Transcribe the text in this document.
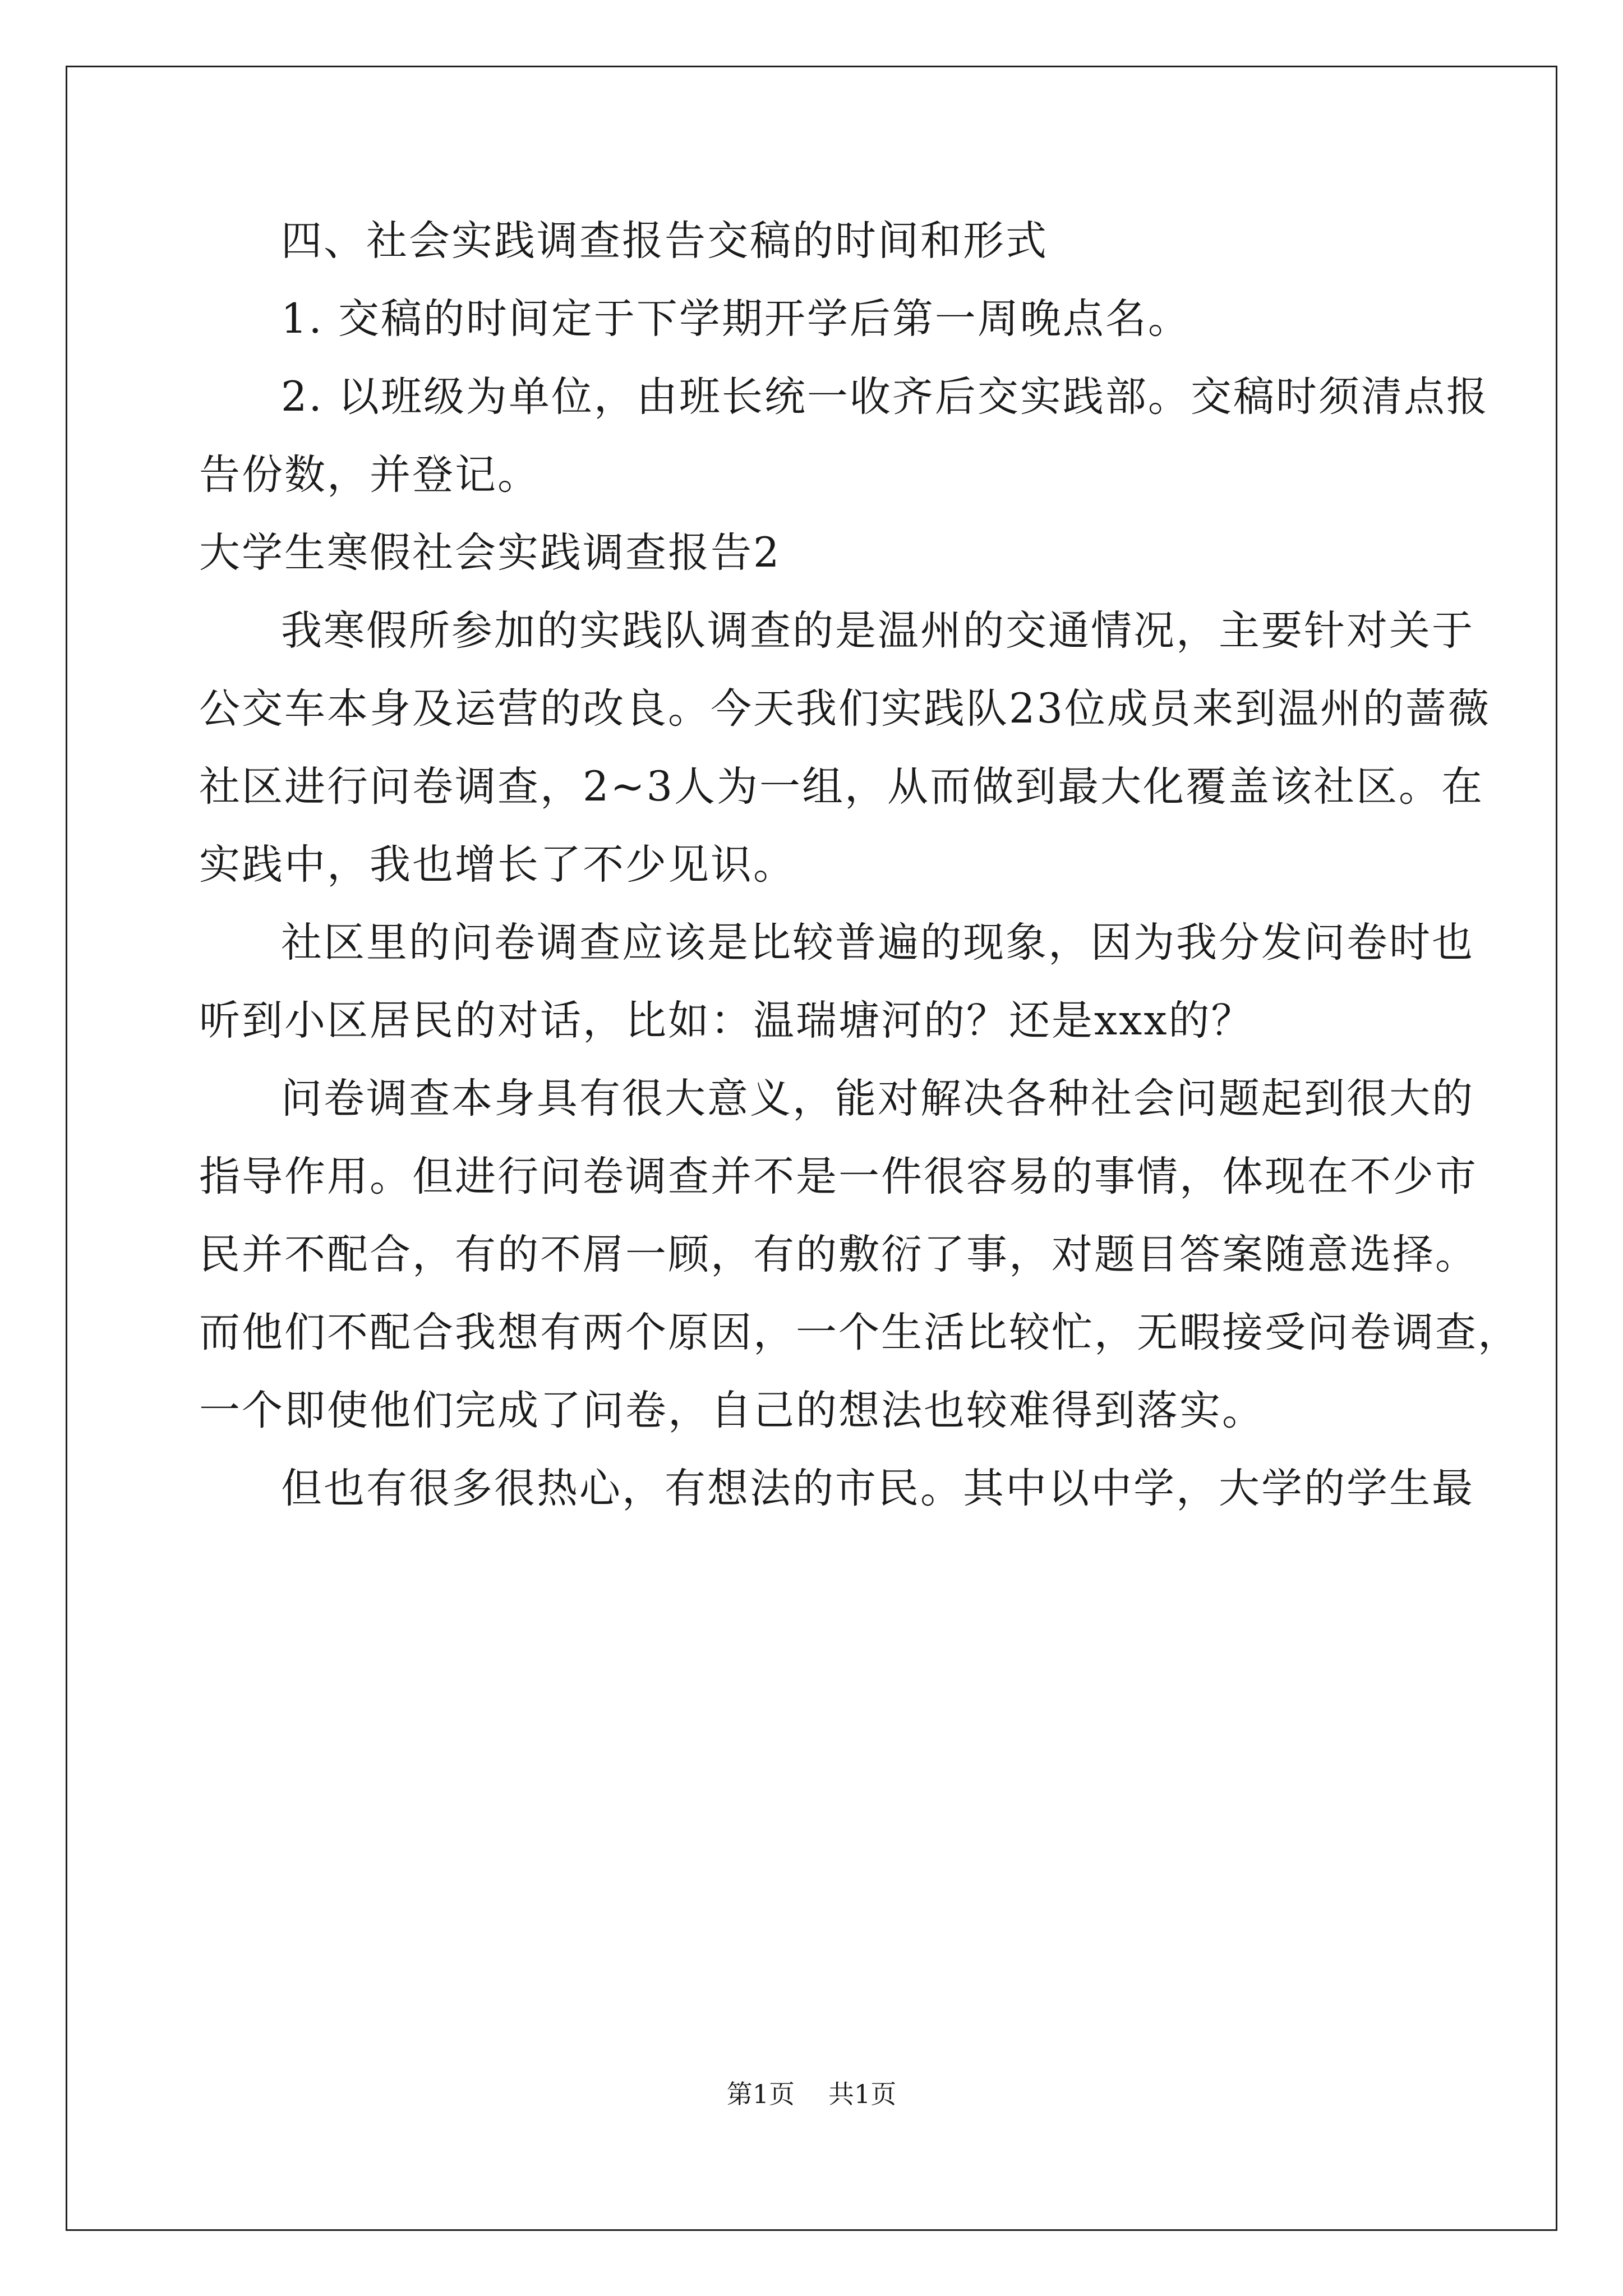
四、社会实践调查报告交稿的时间和形式
1. 交稿的时间定于下学期开学后第一周晚点名。
2. 以班级为单位，由班长统一收齐后交实践部。交稿时须清点报
告份数，并登记。
大学生寒假社会实践调查报告2
我寒假所参加的实践队调查的是温州的交通情况，主要针对关于
公交车本身及运营的改良。今天我们实践队23位成员来到温州的蔷薇
社区进行问卷调查，2~3人为一组，从而做到最大化覆盖该社区。在
实践中，我也增长了不少见识。
社区里的问卷调查应该是比较普遍的现象，因为我分发问卷时也
听到小区居民的对话，比如：温瑞塘河的？还是xxx的？
问卷调查本身具有很大意义，能对解决各种社会问题起到很大的
指导作用。但进行问卷调查并不是一件很容易的事情，体现在不少市
民并不配合，有的不屑一顾，有的敷衍了事，对题目答案随意选择。
而他们不配合我想有两个原因，一个生活比较忙，无暇接受问卷调查，
一个即使他们完成了问卷，自己的想法也较难得到落实。
但也有很多很热心，有想法的市民。其中以中学，大学的学生最
第1页 共1页
